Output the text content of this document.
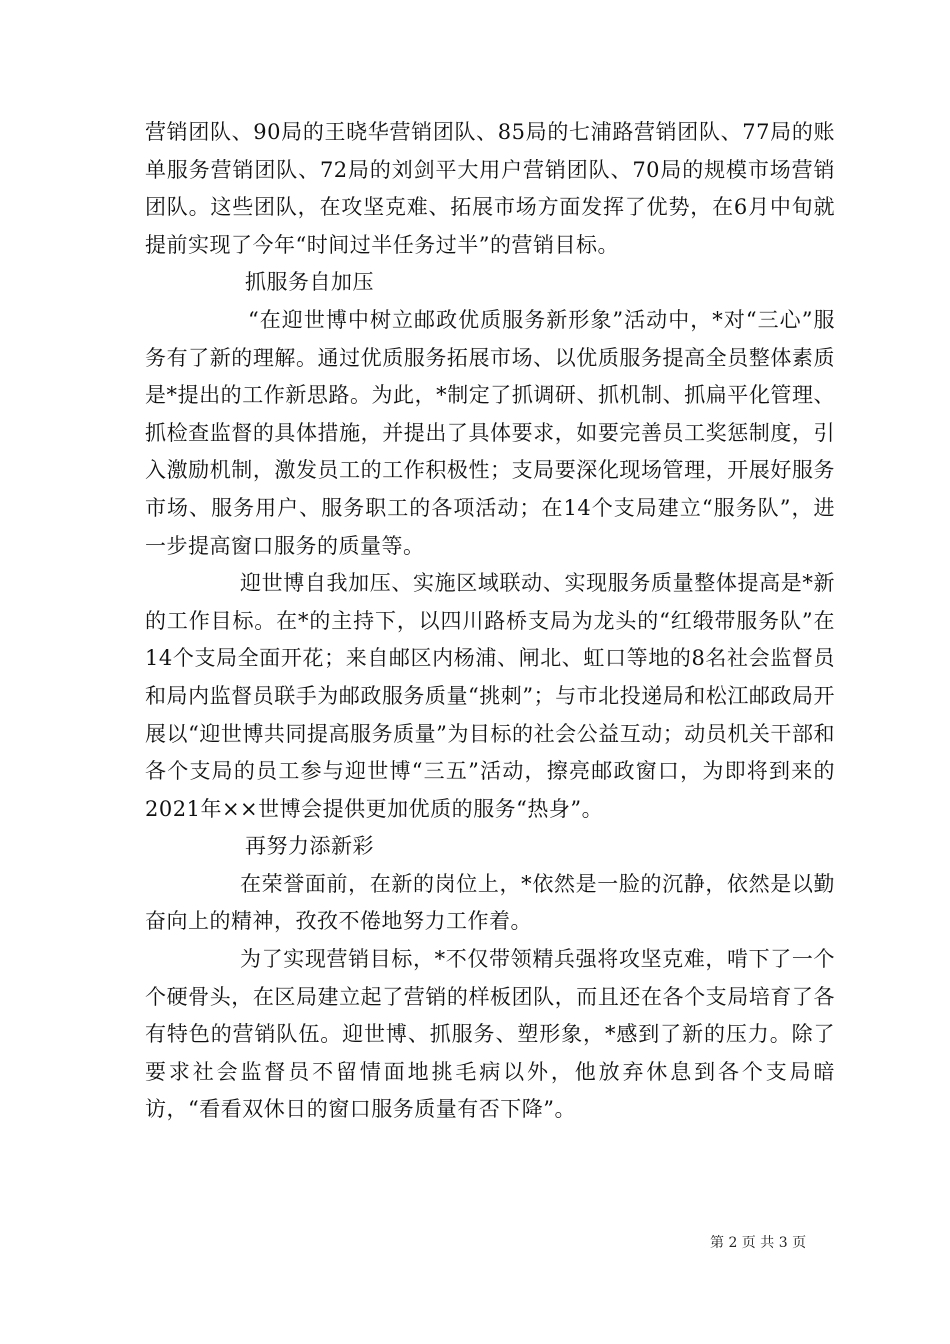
营销团队、90局的王晓华营销团队、85局的七浦路营销团队、77局的账单服务营销团队、72局的刘剑平大用户营销团队、70局的规模市场营销团队。这些团队，在攻坚克难、拓展市场方面发挥了优势，在6月中旬就提前实现了今年“时间过半任务过半”的营销目标。

抓服务自加压

“在迎世博中树立邮政优质服务新形象”活动中，*对“三心”服务有了新的理解。通过优质服务拓展市场、以优质服务提高全员整体素质是*提出的工作新思路。为此，*制定了抓调研、抓机制、抓扁平化管理、抓检查监督的具体措施，并提出了具体要求，如要完善员工奖惩制度，引入激励机制，激发员工的工作积极性；支局要深化现场管理，开展好服务市场、服务用户、服务职工的各项活动；在14个支局建立“服务队”，进一步提高窗口服务的质量等。

迎世博自我加压、实施区域联动、实现服务质量整体提高是*新的工作目标。在*的主持下，以四川路桥支局为龙头的“红缎带服务队”在14个支局全面开花；来自邮区内杨浦、闸北、虹口等地的8名社会监督员和局内监督员联手为邮政服务质量“挑刺”；与市北投递局和松江邮政局开展以“迎世博共同提高服务质量”为目标的社会公益互动；动员机关干部和各个支局的员工参与迎世博“三五”活动，擦亮邮政窗口，为即将到来的2021年××世博会提供更加优质的服务“热身”。

再努力添新彩

在荣誉面前，在新的岗位上，*依然是一脸的沉静，依然是以勤奋向上的精神，孜孜不倦地努力工作着。

为了实现营销目标，*不仅带领精兵强将攻坚克难，啃下了一个个硬骨头，在区局建立起了营销的样板团队，而且还在各个支局培育了各有特色的营销队伍。迎世博、抓服务、塑形象，*感到了新的压力。除了要求社会监督员不留情面地挑毛病以外，他放弃休息到各个支局暗访，“看看双休日的窗口服务质量有否下降”。

第 2 页 共 3 页
